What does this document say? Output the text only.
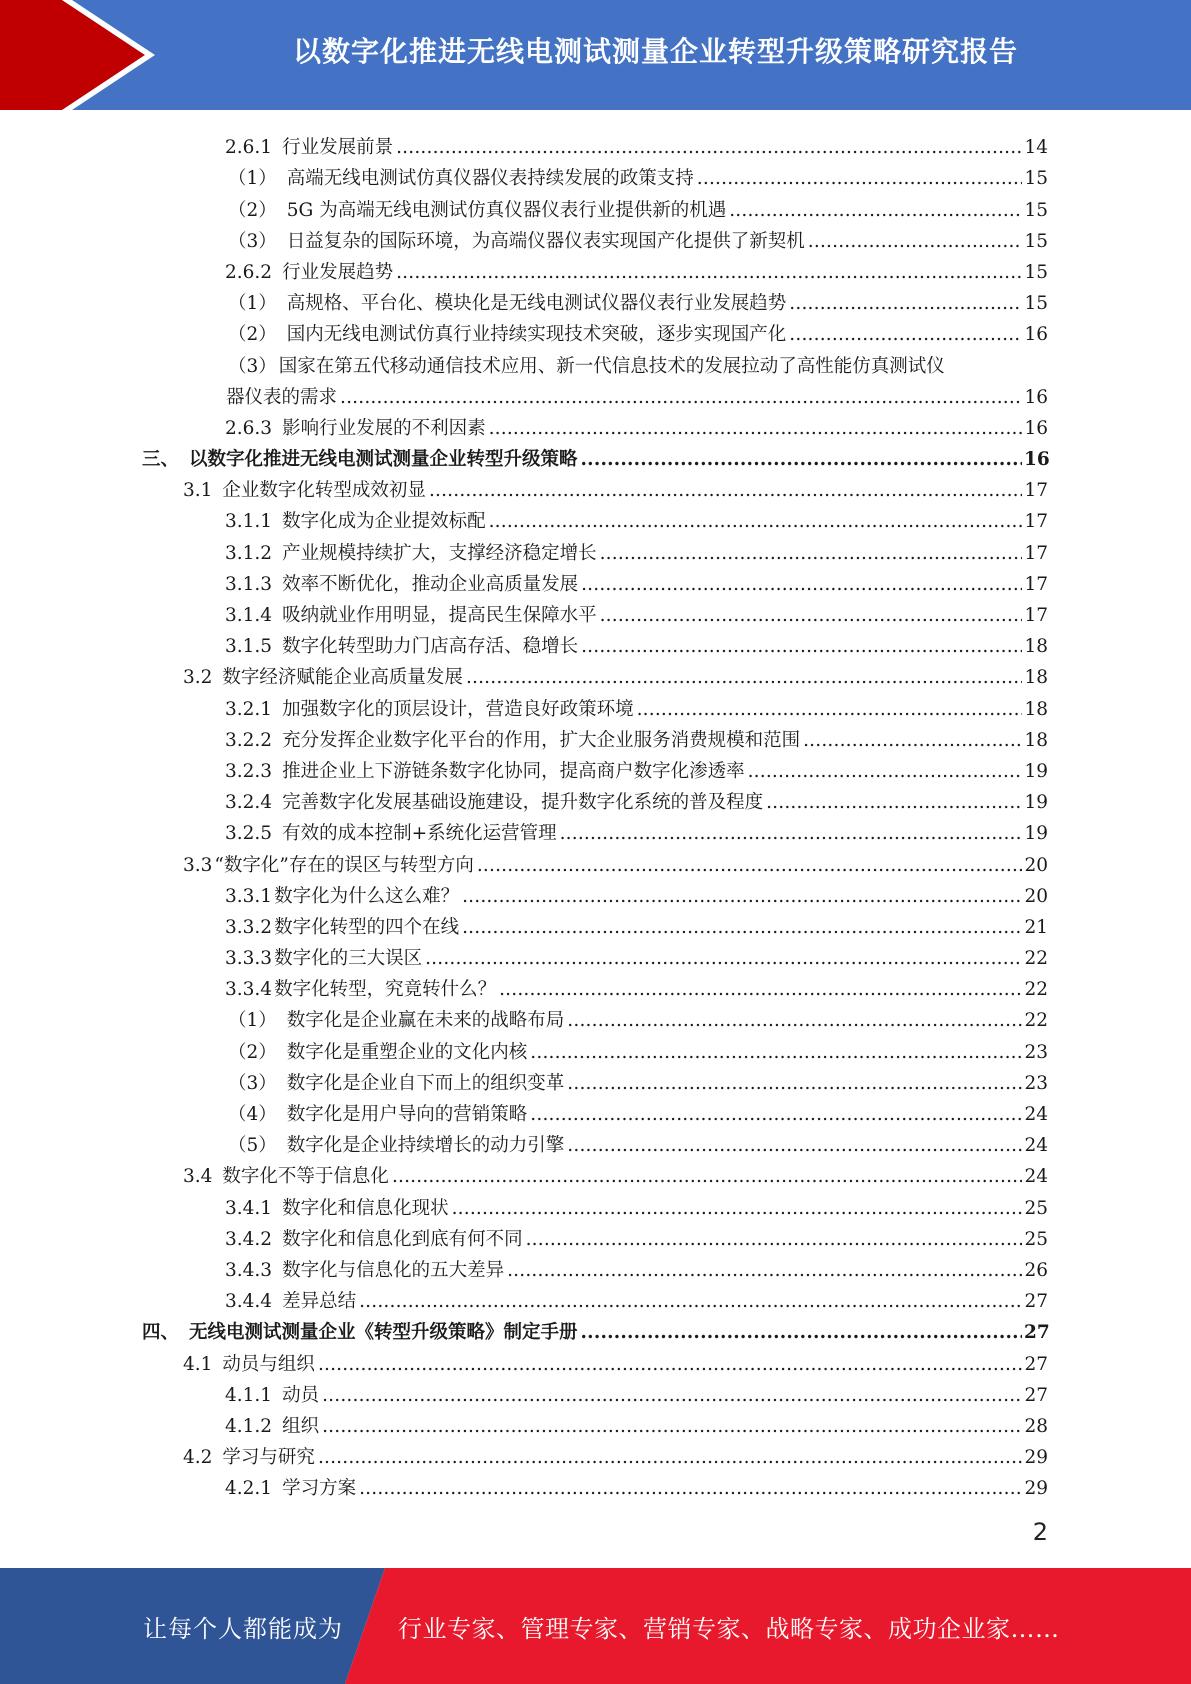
以数字化推进无线电测试测量企业转型升级策略研究报告
2.6.1 行业发展前景 .....	14
（1） 高端无线电测试仿真仪器仪表持续发展的政策支持 .....	15
（2） 5G 为高端无线电测试仿真仪器仪表行业提供新的机遇 .....	15
（3） 日益复杂的国际环境，为高端仪器仪表实现国产化提供了新契机 .....	15
2.6.2 行业发展趋势 .....	15
（1） 高规格、平台化、模块化是无线电测试仪器仪表行业发展趋势 .....	15
（2） 国内无线电测试仿真行业持续实现技术突破，逐步实现国产化 .....	16
（3） 国家在第五代移动通信技术应用、新一代信息技术的发展拉动了高性能仿真测试仪
器仪表的需求 .....	16
2.6.3 影响行业发展的不利因素 .....	16
三、 以数字化推进无线电测试测量企业转型升级策略 .....	16
3.1 企业数字化转型成效初显 .....	17
3.1.1 数字化成为企业提效标配 .....	17
3.1.2 产业规模持续扩大，支撑经济稳定增长 .....	17
3.1.3 效率不断优化，推动企业高质量发展 .....	17
3.1.4 吸纳就业作用明显，提高民生保障水平 .....	17
3.1.5 数字化转型助力门店高存活、稳增长 .....	18
3.2 数字经济赋能企业高质量发展 .....	18
3.2.1 加强数字化的顶层设计，营造良好政策环境 .....	18
3.2.2 充分发挥企业数字化平台的作用，扩大企业服务消费规模和范围 .....	18
3.2.3 推进企业上下游链条数字化协同，提高商户数字化渗透率 .....	19
3.2.4 完善数字化发展基础设施建设，提升数字化系统的普及程度 .....	19
3.2.5 有效的成本控制+系统化运营管理 .....	19
3.3 “数字化”存在的误区与转型方向 .....	20
3.3.1 数字化为什么这么难？ .....	20
3.3.2 数字化转型的四个在线 .....	21
3.3.3 数字化的三大误区 .....	22
3.3.4 数字化转型，究竟转什么？ .....	22
（1） 数字化是企业赢在未来的战略布局 .....	22
（2） 数字化是重塑企业的文化内核 .....	23
（3） 数字化是企业自下而上的组织变革 .....	23
（4） 数字化是用户导向的营销策略 .....	24
（5） 数字化是企业持续增长的动力引擎 .....	24
3.4 数字化不等于信息化 .....	24
3.4.1 数字化和信息化现状 .....	25
3.4.2 数字化和信息化到底有何不同 .....	25
3.4.3 数字化与信息化的五大差异 .....	26
3.4.4 差异总结 .....	27
四、 无线电测试测量企业《转型升级策略》制定手册 .....	27
4.1 动员与组织 .....	27
4.1.1 动员 .....	27
4.1.2 组织 .....	28
4.2 学习与研究 .....	29
4.2.1 学习方案 .....	29
2
让每个人都能成为 行业专家、管理专家、营销专家、战略专家、成功企业家……
